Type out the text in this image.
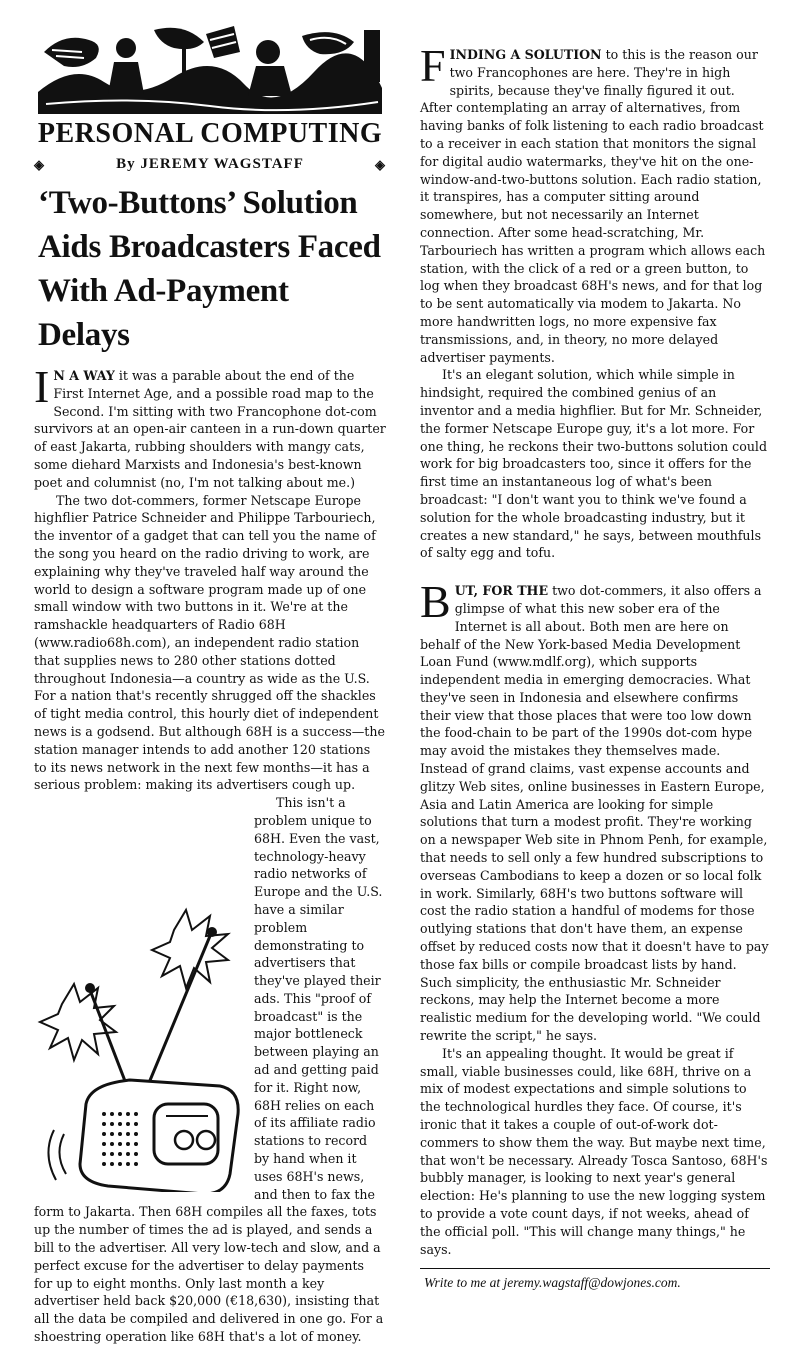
PERSONAL COMPUTING
◈	By JEREMY WAGSTAFF	◈
‘Two-Buttons’ Solution Aids Broadcasters Faced With Ad-Payment Delays

I N A WAY it was a parable about the end of the First Internet Age, and a possible road map to the Second. I'm sitting with two Francophone dot-com survivors at an open-air canteen in a run-down quarter of east Jakarta, rubbing shoulders with mangy cats, some diehard Marxists and Indonesia's best-known poet and columnist (no, I'm not talking about me.)

The two dot-commers, former Netscape Europe highflier Patrice Schneider and Philippe Tarbouriech, the inventor of a gadget that can tell you the name of the song you heard on the radio driving to work, are explaining why they've traveled half way around the world to design a software program made up of one small window with two buttons in it. We're at the ramshackle headquarters of Radio 68H (www.radio68h.com), an independent radio station that supplies news to 280 other stations dotted throughout Indonesia—a country as wide as the U.S. For a nation that's recently shrugged off the shackles of tight media control, this hourly diet of independent news is a godsend. But although 68H is a success—the station manager intends to add another 120 stations to its news network in the next few months—it has a serious problem: making its advertisers cough up.

This isn't a problem unique to 68H. Even the vast, technology-heavy radio networks of Europe and the U.S. have a similar problem demonstrating to advertisers that they've played their ads. This "proof of broadcast" is the major bottleneck between playing an ad and getting paid for it. Right now, 68H relies on each of its affiliate radio stations to record by hand when it uses 68H's news, and then to fax the form to Jakarta. Then 68H compiles all the faxes, tots up the number of times the ad is played, and sends a bill to the advertiser. All very low-tech and slow, and a perfect excuse for the advertiser to delay payments for up to eight months. Only last month a key advertiser held back $20,000 (€18,630), insisting that all the data be compiled and delivered in one go. For a shoestring operation like 68H that's a lot of money.

FINDING A SOLUTION to this is the reason our two Francophones are here. They're in high spirits, because they've finally figured it out. After contemplating an array of alternatives, from having banks of folk listening to each radio broadcast to a receiver in each station that monitors the signal for digital audio watermarks, they've hit on the one-window-and-two-buttons solution. Each radio station, it transpires, has a computer sitting around somewhere, but not necessarily an Internet connection. After some head-scratching, Mr. Tarbouriech has written a program which allows each station, with the click of a red or a green button, to log when they broadcast 68H's news, and for that log to be sent automatically via modem to Jakarta. No more handwritten logs, no more expensive fax transmissions, and, in theory, no more delayed advertiser payments.

It's an elegant solution, which while simple in hindsight, required the combined genius of an inventor and a media highflier. But for Mr. Schneider, the former Netscape Europe guy, it's a lot more. For one thing, he reckons their two-buttons solution could work for big broadcasters too, since it offers for the first time an instantaneous log of what's been broadcast: "I don't want you to think we've found a solution for the whole broadcasting industry, but it creates a new standard," he says, between mouthfuls of salty egg and tofu.

BUT, FOR THE two dot-commers, it also offers a glimpse of what this new sober era of the Internet is all about. Both men are here on behalf of the New York-based Media Development Loan Fund (www.mdlf.org), which supports independent media in emerging democracies. What they've seen in Indonesia and elsewhere confirms their view that those places that were too low down the food-chain to be part of the 1990s dot-com hype may avoid the mistakes they themselves made. Instead of grand claims, vast expense accounts and glitzy Web sites, online businesses in Eastern Europe, Asia and Latin America are looking for simple solutions that turn a modest profit. They're working on a newspaper Web site in Phnom Penh, for example, that needs to sell only a few hundred subscriptions to overseas Cambodians to keep a dozen or so local folk in work. Similarly, 68H's two buttons software will cost the radio station a handful of modems for those outlying stations that don't have them, an expense offset by reduced costs now that it doesn't have to pay those fax bills or compile broadcast lists by hand. Such simplicity, the enthusiastic Mr. Schneider reckons, may help the Internet become a more realistic medium for the developing world. "We could rewrite the script," he says.

It's an appealing thought. It would be great if small, viable businesses could, like 68H, thrive on a mix of modest expectations and simple solutions to the technological hurdles they face. Of course, it's ironic that it takes a couple of out-of-work dot-commers to show them the way. But maybe next time, that won't be necessary. Already Tosca Santoso, 68H's bubbly manager, is looking to next year's general election: He's planning to use the new logging system to provide a vote count days, if not weeks, ahead of the official poll. "This will change many things," he says.

Write to me at jeremy.wagstaff@dowjones.com.
